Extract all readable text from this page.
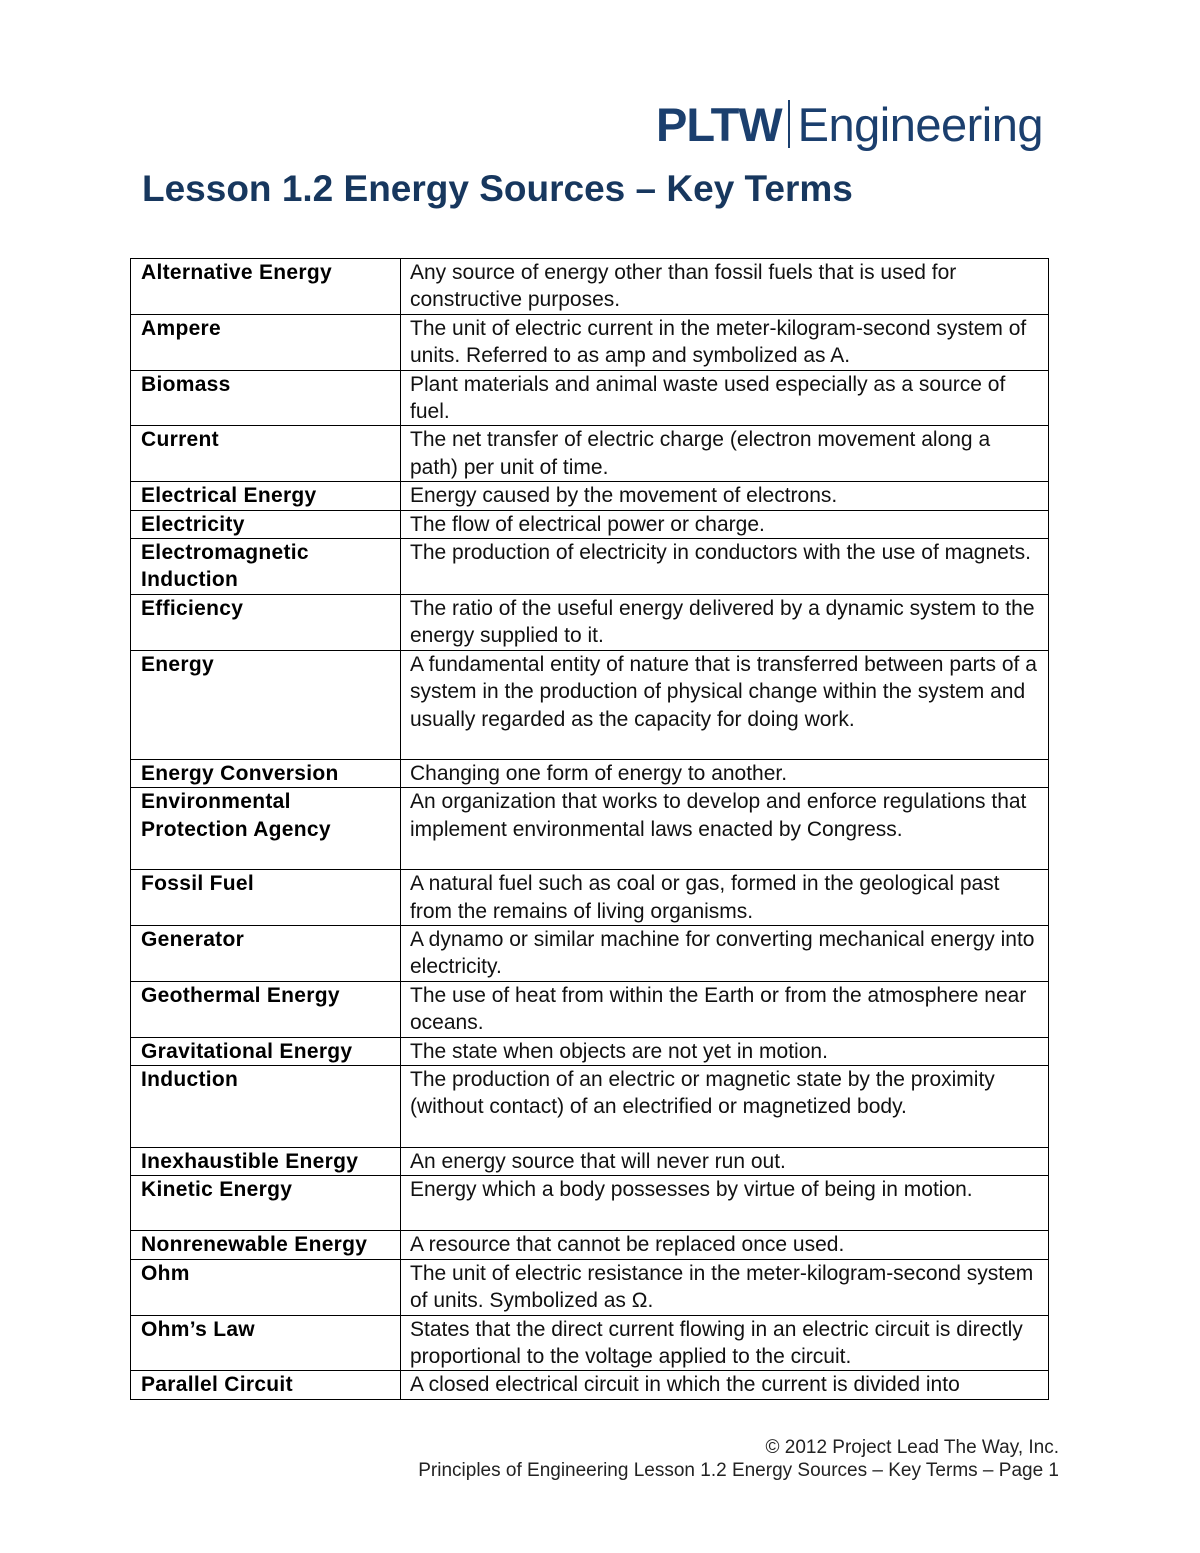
PLTW Engineering
Lesson 1.2 Energy Sources – Key Terms
Alternative Energy	Any source of energy other than fossil fuels that is used for constructive purposes.
Ampere	The unit of electric current in the meter-kilogram-second system of units. Referred to as amp and symbolized as A.
Biomass	Plant materials and animal waste used especially as a source of fuel.
Current	The net transfer of electric charge (electron movement along a path) per unit of time.
Electrical Energy	Energy caused by the movement of electrons.
Electricity	The flow of electrical power or charge.
Electromagnetic Induction	The production of electricity in conductors with the use of magnets.
Efficiency	The ratio of the useful energy delivered by a dynamic system to the energy supplied to it.
Energy	A fundamental entity of nature that is transferred between parts of a system in the production of physical change within the system and usually regarded as the capacity for doing work.
Energy Conversion	Changing one form of energy to another.
Environmental Protection Agency	An organization that works to develop and enforce regulations that implement environmental laws enacted by Congress.
Fossil Fuel	A natural fuel such as coal or gas, formed in the geological past from the remains of living organisms.
Generator	A dynamo or similar machine for converting mechanical energy into electricity.
Geothermal Energy	The use of heat from within the Earth or from the atmosphere near oceans.
Gravitational Energy	The state when objects are not yet in motion.
Induction	The production of an electric or magnetic state by the proximity (without contact) of an electrified or magnetized body.
Inexhaustible Energy	An energy source that will never run out.
Kinetic Energy	Energy which a body possesses by virtue of being in motion.
Nonrenewable Energy	A resource that cannot be replaced once used.
Ohm	The unit of electric resistance in the meter-kilogram-second system of units. Symbolized as Ω.
Ohm’s Law	States that the direct current flowing in an electric circuit is directly proportional to the voltage applied to the circuit.
Parallel Circuit	A closed electrical circuit in which the current is divided into
© 2012 Project Lead The Way, Inc.
Principles of Engineering Lesson 1.2 Energy Sources – Key Terms – Page 1
